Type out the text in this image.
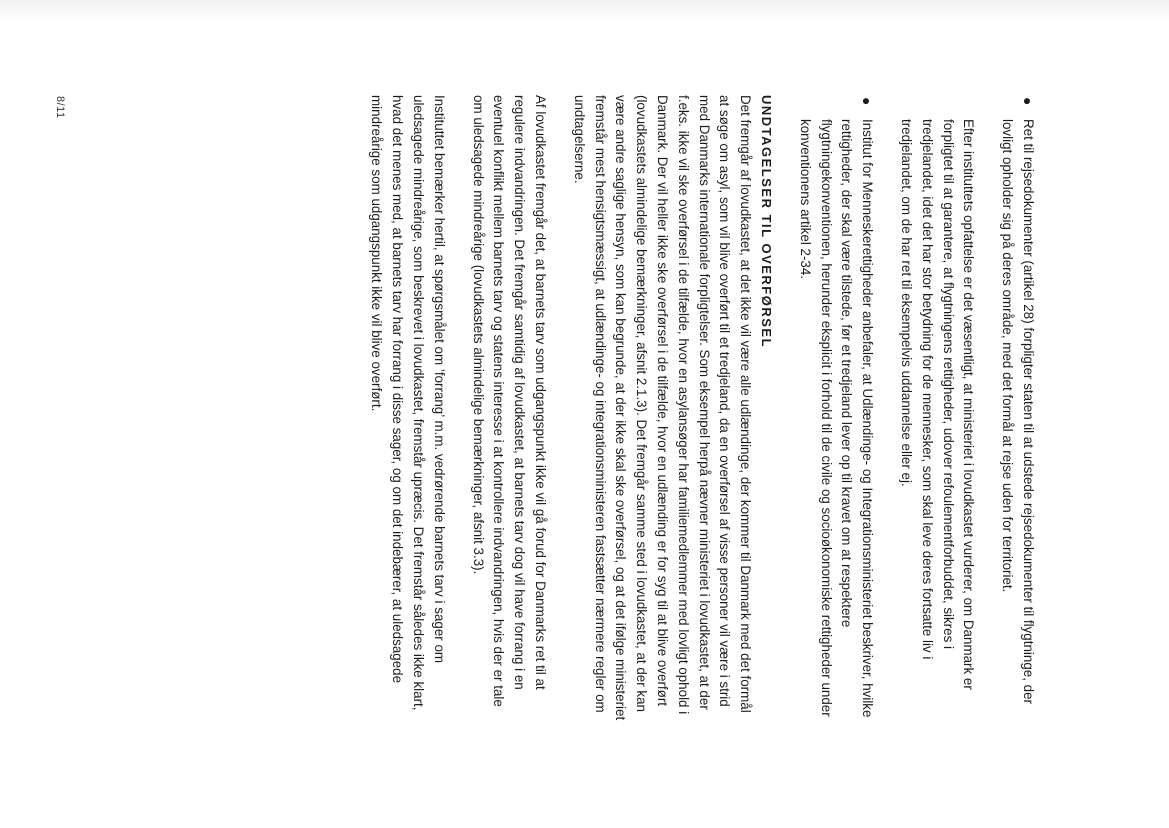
●
Ret til rejsedokumenter (artikel 28) forpligter staten til at udstede rejsedokumenter til flygtninge, der lovligt opholder sig på deres område, med det formål at rejse uden for territoriet.

Efter instituttets opfattelse er det væsentligt, at ministeriet i lovudkastet vurderer, om Danmark er forpligtet til at garantere, at flygtningens rettigheder, udover refoulementforbuddet, sikres i tredjelandet, idet det har stor betydning for de mennesker, som skal leve deres fortsatte liv i tredjelandet, om de har ret til eksempelvis uddannelse eller ej.

●
Institut for Menneskerettigheder anbefaler, at Udlændinge- og Integrationsministeriet beskriver, hvilke rettigheder, der skal være tilstede, før et tredjeland lever op til kravet om at respektere flygtningekonventionen, herunder eksplicit i forhold til de civile og socioøkonomiske rettigheder under konventionens artikel 2-34.
UNDTAGELSER TIL OVERFØRSEL

Det fremgår af lovudkastet, at det ikke vil være alle udlændinge, der kommer til Danmark med det formål at søge om asyl, som vil blive overført til et tredjeland, da en overførsel af visse personer vil være i strid med Danmarks internationale forpligtelser. Som eksempel herpå nævner ministeriet i lovudkastet, at der f.eks. ikke vil ske overførsel i de tilfælde, hvor en asylansøger har familiemedlemmer med lovligt ophold i Danmark. Der vil heller ikke ske overførsel i de tilfælde, hvor en udlænding er for syg til at blive overført (lovudkastets almindelige bemærkninger, afsnit 2.1.3). Det fremgår samme sted i lovudkastet, at der kan være andre saglige hensyn, som kan begrunde, at der ikke skal ske overførsel, og at det ifølge ministeriet fremstår mest hensigtsmæssigt, at udlændinge- og integrationsministeren fastsætter nærmere regler om undtagelserne.

Af lovudkastet fremgår det, at barnets tarv som udgangspunkt ikke vil gå forud for Danmarks ret til at regulere indvandringen. Det fremgår samtidig af lovudkastet, at barnets tarv dog vil have forrang i en eventuel konflikt mellem barnets tarv og statens interesse i at kontrollere indvandringen, hvis der er tale om uledsagede mindreårige (lovudkastets almindelige bemærkninger, afsnit 3.3).

Instituttet bemærker hertil, at spørgsmålet om ’forrang’ m.m. vedrørende barnets tarv i sager om uledsagede mindreårige, som beskrevet i lovudkastet, fremstår upræcis. Det fremstår således ikke klart, hvad det menes med, at barnets tarv har forrang i disse sager, og om det indebærer, at uledsagede mindreårige som udgangspunkt ikke vil blive overført.

8/11
